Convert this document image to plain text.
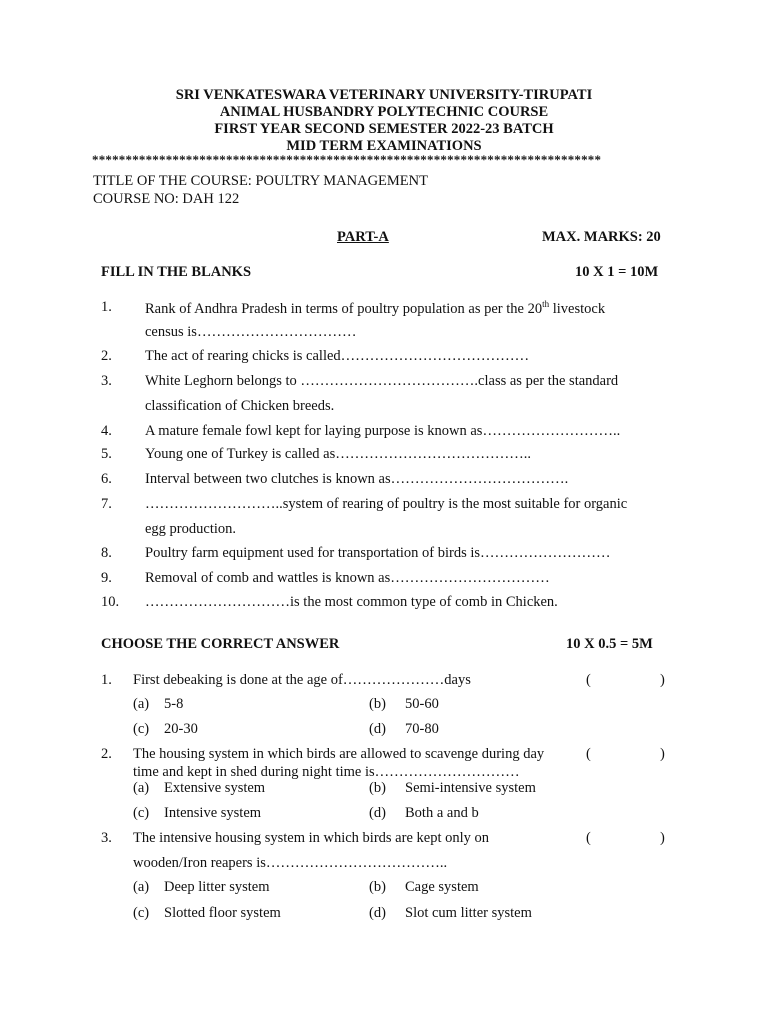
SRI VENKATESWARA VETERINARY UNIVERSITY-TIRUPATI
ANIMAL HUSBANDRY POLYTECHNIC COURSE
FIRST YEAR SECOND SEMESTER 2022-23 BATCH
MID TERM EXAMINATIONS
****************************************************************************
TITLE OF THE COURSE: POULTRY MANAGEMENT
COURSE NO: DAH 122
PART-A	MAX. MARKS: 20
FILL IN THE BLANKS	10 X 1 = 10M
1. Rank of Andhra Pradesh in terms of poultry population as per the 20th livestock
census is……………………………
2. The act of rearing chicks is called…………………………………
3. White Leghorn belongs to ……………………………….class as per the standard
classification of Chicken breeds.
4. A mature female fowl kept for laying purpose is known as………………………..
5. Young one of Turkey is called as…………………………………..
6. Interval between two clutches is known as……………………………….
7. ………………………..system of rearing of poultry is the most suitable for organic
egg production.
8. Poultry farm equipment used for transportation of birds is………………………
9. Removal of comb and wattles is known as……………………………
10. …………………………is the most common type of comb in Chicken.
CHOOSE THE CORRECT ANSWER	10 X 0.5 = 5M
1. First debeaking is done at the age of…………………days	(	)
(a) 5-8	(b) 50-60
(c) 20-30	(d) 70-80
2. The housing system in which birds are allowed to scavenge during day	(	)
time and kept in shed during night time is…………………………
(a) Extensive system	(b) Semi-intensive system
(c) Intensive system	(d) Both a and b
3. The intensive housing system in which birds are kept only on	(	)
wooden/Iron reapers is………………………………..
(a) Deep litter system	(b) Cage system
(c) Slotted floor system	(d) Slot cum litter system
